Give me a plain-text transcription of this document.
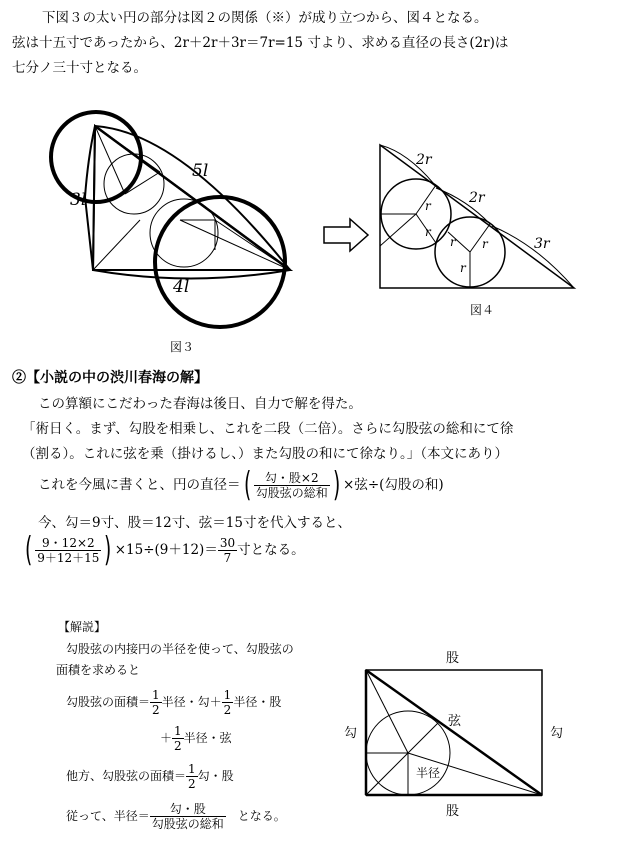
下図３の太い円の部分は図２の関係（※）が成り立つから、図４となる。
弦は十五寸であったから、2r＋2r＋3r＝7r=15 寸より、求める直径の長さ(2r)は
七分ノ三十寸となる。
3l
5l
4l
図３
2r
2r
3r
r
r
r r
r
図４
②【小説の中の渋川春海の解】
この算額にこだわった春海は後日、自力で解を得た。
「術日く。まず、勾股を相乗し、これを二段（二倍）。さらに勾股弦の総和にて徐
（割る）。これに弦を乗（掛けるし、）また勾股の和にて徐なり。」（本文にあり）
これを今風に書くと、円の直径＝ ( $\frac{\text{勾・股×2}}{\text{勾股弦の総和}}$ ) ×弦÷(勾股の和)
今、勾＝9寸、股＝12寸、弦＝15寸を代入すると、
( $\frac{9・12\times 2}{9+12+15}$ ) $\times 15\div(9+12)= \frac{30}{7}$ 寸となる。
【解説】
勾股弦の内接円の半径を使って、勾股弦の
面積を求めると
勾股弦の面積＝ $\frac{1}{2}$ 半径・勾＋ $\frac{1}{2}$ 半径・股
＋ $\frac{1}{2}$ 半径・弦
他方、勾股弦の面積＝ $\frac{1}{2}$ 勾・股
従って、半径＝ $\frac{\text{勾・股}}{\text{勾股弦の総和}}$ となる。
股
股
勾	勾
弦
半径
